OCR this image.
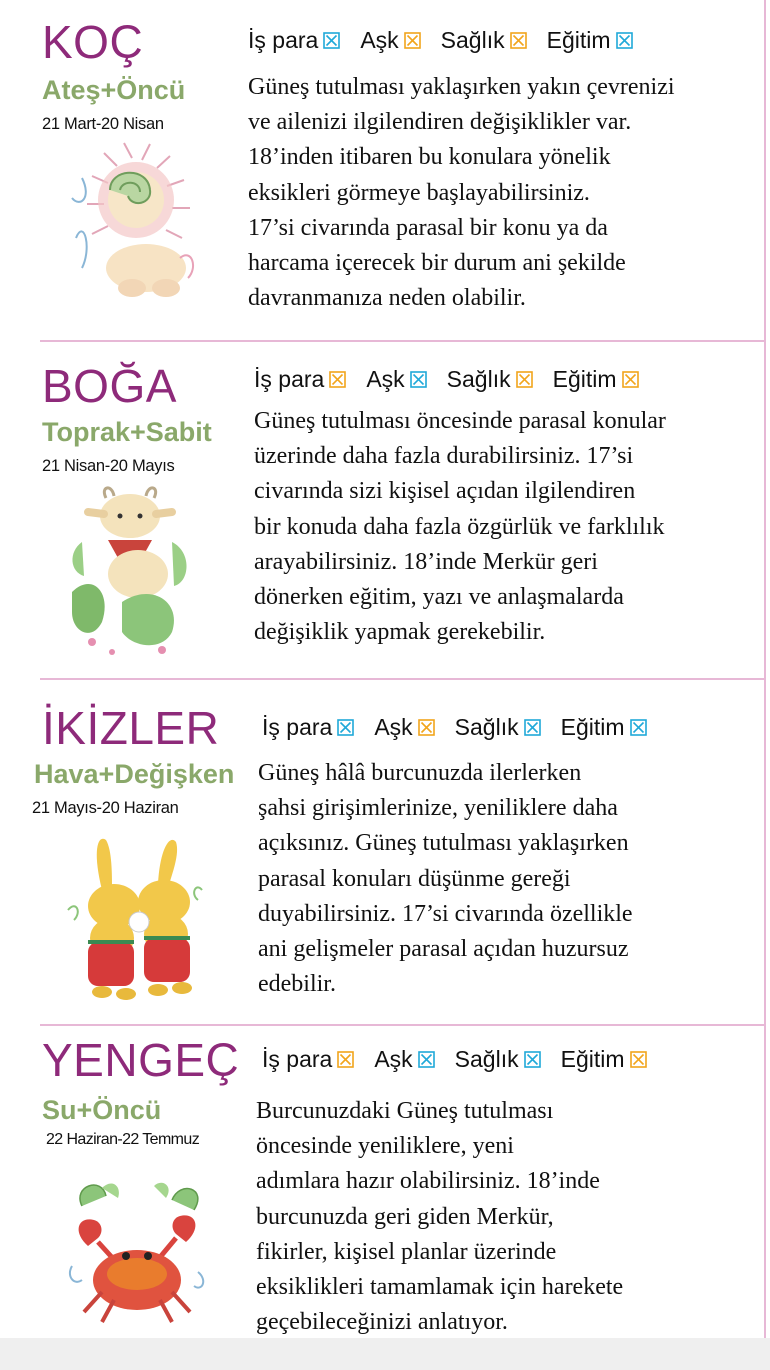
KOÇ
Ateş+Öncü
21 Mart-20 Nisan
İş para Aşk Sağlık Eğitim
Güneş tutulması yaklaşırken yakın çevrenizi
ve ailenizi ilgilendiren değişiklikler var.
18’inden itibaren bu konulara yönelik
eksikleri görmeye başlayabilirsiniz.
17’si civarında parasal bir konu ya da
harcama içerecek bir durum ani şekilde
davranmanıza neden olabilir.
BOĞA
Toprak+Sabit
21 Nisan-20 Mayıs
İş para Aşk Sağlık Eğitim
Güneş tutulması öncesinde parasal konular
üzerinde daha fazla durabilirsiniz. 17’si
civarında sizi kişisel açıdan ilgilendiren
bir konuda daha fazla özgürlük ve farklılık
arayabilirsiniz. 18’inde Merkür geri
dönerken eğitim, yazı ve anlaşmalarda
değişiklik yapmak gerekebilir.
İKİZLER
Hava+Değişken
21 Mayıs-20 Haziran
İş para Aşk Sağlık Eğitim
Güneş hâlâ burcunuzda ilerlerken
şahsi girişimlerinize, yeniliklere daha
açıksınız. Güneş tutulması yaklaşırken
parasal konuları düşünme gereği
duyabilirsiniz. 17’si civarında özellikle
ani gelişmeler parasal açıdan huzursuz
edebilir.
YENGEÇ
Su+Öncü
22 Haziran-22 Temmuz
İş para Aşk Sağlık Eğitim
Burcunuzdaki Güneş tutulması
öncesinde yeniliklere, yeni
adımlara hazır olabilirsiniz. 18’inde
burcunuzda geri giden Merkür,
fikirler, kişisel planlar üzerinde
eksiklikleri tamamlamak için harekete
geçebileceğinizi anlatıyor.
